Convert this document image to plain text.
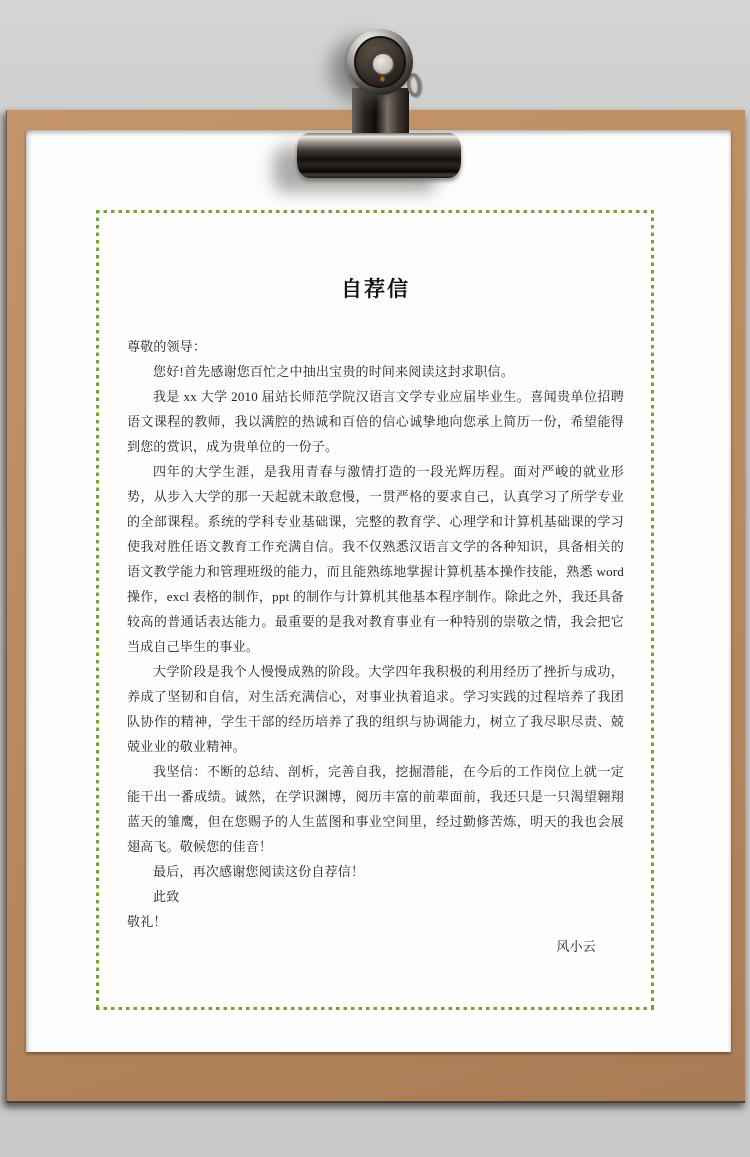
自荐信

尊敬的领导：

您好!首先感谢您百忙之中抽出宝贵的时间来阅读这封求职信。

我是 xx 大学 2010 届站长师范学院汉语言文学专业应届毕业生。喜闻贵单位招聘语文课程的教师，我以满腔的热诚和百倍的信心诚挚地向您承上简历一份，希望能得到您的赏识，成为贵单位的一份子。

四年的大学生涯，是我用青春与激情打造的一段光辉历程。面对严峻的就业形势，从步入大学的那一天起就未敢怠慢，一贯严格的要求自己，认真学习了所学专业的全部课程。系统的学科专业基础课，完整的教育学、心理学和计算机基础课的学习使我对胜任语文教育工作充满自信。我不仅熟悉汉语言文学的各种知识，具备相关的语文教学能力和管理班级的能力，而且能熟练地掌握计算机基本操作技能，熟悉 word 操作，excl 表格的制作，ppt 的制作与计算机其他基本程序制作。除此之外，我还具备较高的普通话表达能力。最重要的是我对教育事业有一种特别的崇敬之情，我会把它当成自己毕生的事业。

大学阶段是我个人慢慢成熟的阶段。大学四年我积极的利用经历了挫折与成功，养成了坚韧和自信，对生活充满信心，对事业执着追求。学习实践的过程培养了我团队协作的精神，学生干部的经历培养了我的组织与协调能力，树立了我尽职尽责、兢兢业业的敬业精神。

我坚信：不断的总结、剖析，完善自我，挖掘潜能，在今后的工作岗位上就一定能干出一番成绩。诚然，在学识渊博，阅历丰富的前辈面前，我还只是一只渴望翱翔蓝天的雏鹰，但在您赐予的人生蓝图和事业空间里，经过勤修苦炼，明天的我也会展翅高飞。敬候您的佳音！

最后，再次感谢您阅读这份自荐信！

此致

敬礼！

风小云
